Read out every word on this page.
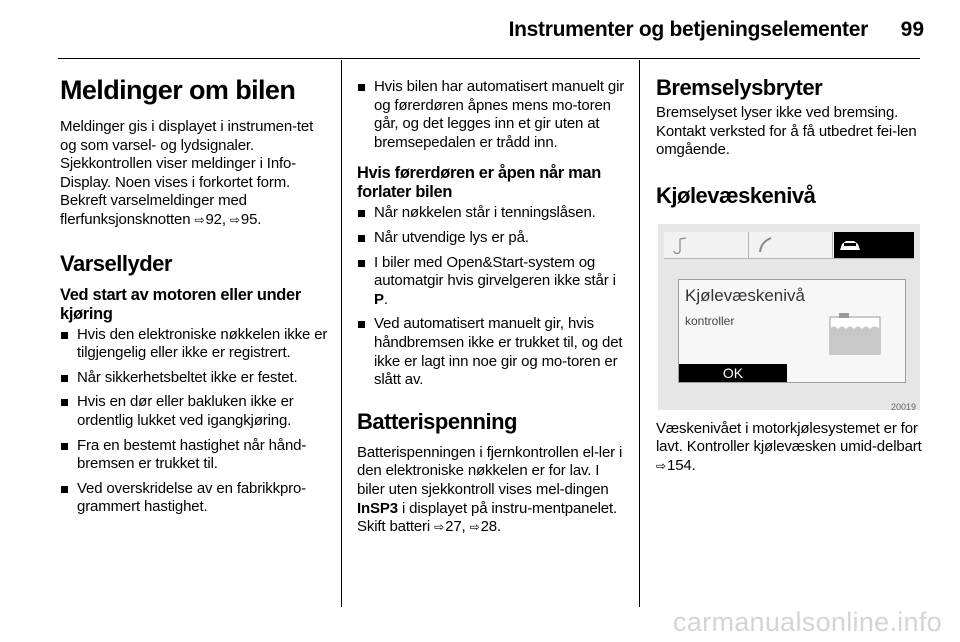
Instrumenter og betjeningselementer 99
Meldinger om bilen

Meldinger gis i displayet i instrumen-tet og som varsel- og lydsignaler. Sjekkontrollen viser meldinger i Info-Display. Noen vises i forkortet form. Bekreft varselmeldinger med flerfunksjonsknotten ⇨ 92, ⇨ 95.

Varsellyder
Ved start av motoren eller under kjøring
Hvis den elektroniske nøkkelen ikke er tilgjengelig eller ikke er registrert.
Når sikkerhetsbeltet ikke er festet.
Hvis en dør eller bakluken ikke er ordentlig lukket ved igangkjøring.
Fra en bestemt hastighet når hånd-bremsen er trukket til.
Ved overskridelse av en fabrikkpro-grammert hastighet.
Hvis bilen har automatisert manuelt gir og førerdøren åpnes mens mo-toren går, og det legges inn et gir uten at bremsepedalen er trådd inn.
Hvis førerdøren er åpen når man forlater bilen
Når nøkkelen står i tenningslåsen.
Når utvendige lys er på.
I biler med Open&Start-system og automatgir hvis girvelgeren ikke står i P.
Ved automatisert manuelt gir, hvis håndbremsen ikke er trukket til, og det ikke er lagt inn noe gir og mo-toren er slått av.
Batterispenning

Batterispenningen i fjernkontrollen el-ler i den elektroniske nøkkelen er for lav. I biler uten sjekkontroll vises mel-dingen InSP3 i displayet på instru-mentpanelet. Skift batteri ⇨ 27, ⇨ 28.

Bremselysbryter

Bremselyset lyser ikke ved bremsing. Kontakt verksted for å få utbedret fei-len omgående.

Kjølevæskenivå
Kjølevæskenivå
kontroller
OK
20019

Væskenivået i motorkjølesystemet er for lavt. Kontroller kjølevæsken umid-delbart ⇨ 154.

carmanualsonline.info
